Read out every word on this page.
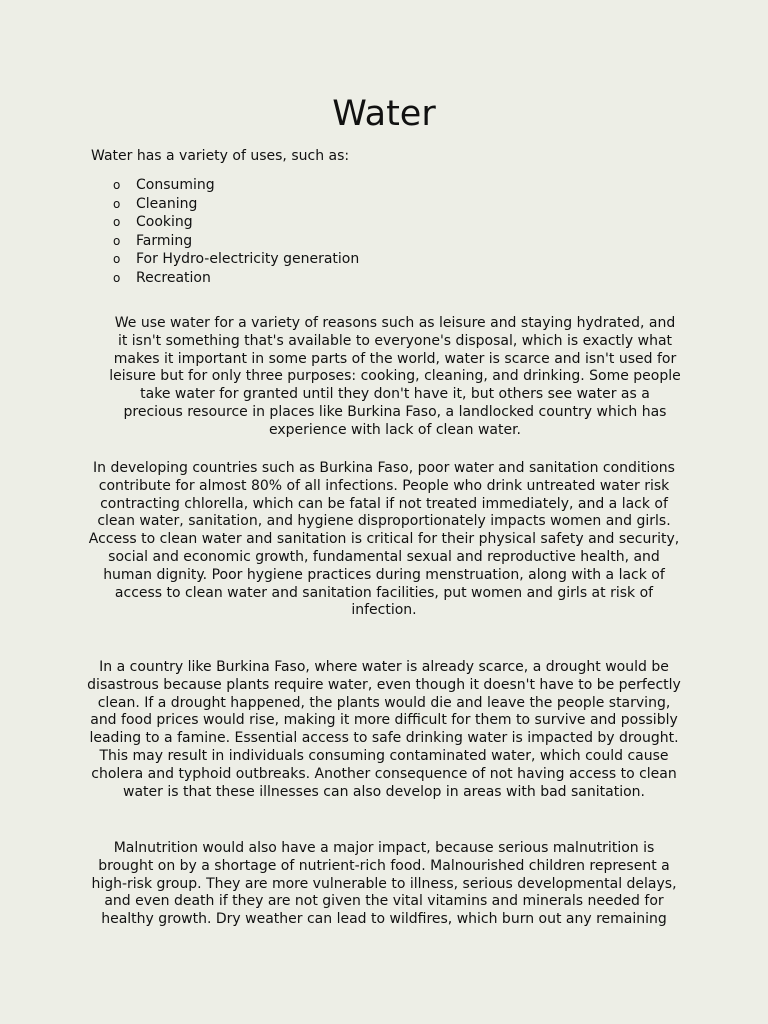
Water

Water has a variety of uses, such as:

o Consuming
o Cleaning
o Cooking
o Farming
o For Hydro-electricity generation
o Recreation

We use water for a variety of reasons such as leisure and staying hydrated, and
it isn't something that's available to everyone's disposal, which is exactly what
makes it important in some parts of the world, water is scarce and isn't used for
leisure but for only three purposes: cooking, cleaning, and drinking. Some people
take water for granted until they don't have it, but others see water as a
precious resource in places like Burkina Faso, a landlocked country which has
experience with lack of clean water.

In developing countries such as Burkina Faso, poor water and sanitation conditions
contribute for almost 80% of all infections. People who drink untreated water risk
contracting chlorella, which can be fatal if not treated immediately, and a lack of
clean water, sanitation, and hygiene disproportionately impacts women and girls.
Access to clean water and sanitation is critical for their physical safety and security,
social and economic growth, fundamental sexual and reproductive health, and
human dignity. Poor hygiene practices during menstruation, along with a lack of
access to clean water and sanitation facilities, put women and girls at risk of
infection.

In a country like Burkina Faso, where water is already scarce, a drought would be
disastrous because plants require water, even though it doesn't have to be perfectly
clean. If a drought happened, the plants would die and leave the people starving,
and food prices would rise, making it more difficult for them to survive and possibly
leading to a famine. Essential access to safe drinking water is impacted by drought.
This may result in individuals consuming contaminated water, which could cause
cholera and typhoid outbreaks. Another consequence of not having access to clean
water is that these illnesses can also develop in areas with bad sanitation.

Malnutrition would also have a major impact, because serious malnutrition is
brought on by a shortage of nutrient-rich food. Malnourished children represent a
high-risk group. They are more vulnerable to illness, serious developmental delays,
and even death if they are not given the vital vitamins and minerals needed for
healthy growth. Dry weather can lead to wildfires, which burn out any remaining
